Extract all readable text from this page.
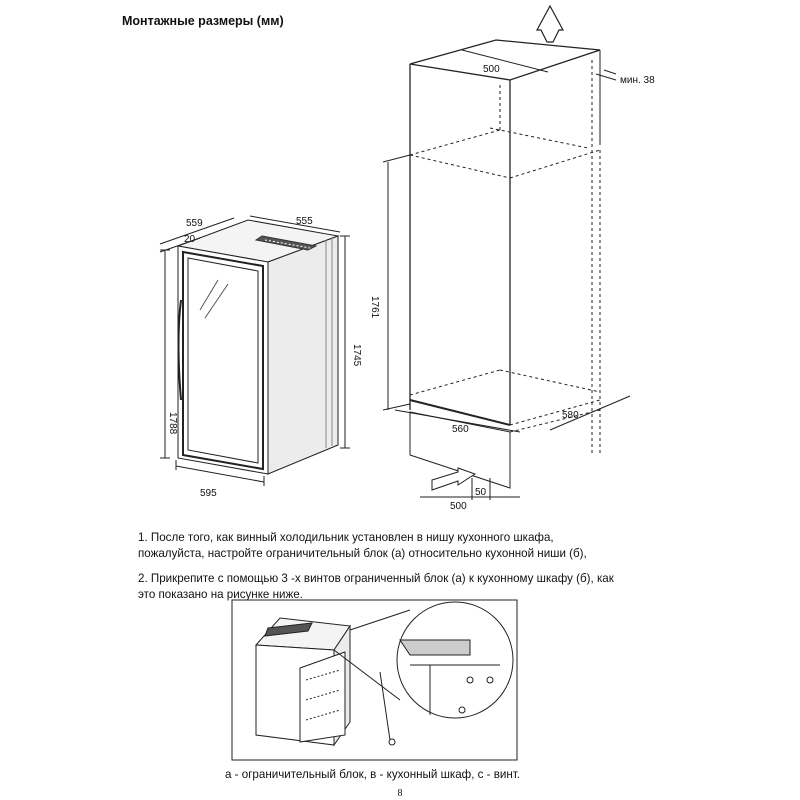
Монтажные размеры (мм)
559
20
555
1745
1788
595
500
мин. 38
1761
580
560
500
50
1. После того, как винный холодильник установлен в нишу кухонного шкафа, пожалуйста, настройте ограничительный блок (а) относительно кухонной ниши (б),
2. Прикрепите с помощью 3 -х винтов ограниченный блок (а) к кухонному шкафу (б), как это показано на рисунке ниже.
а - ограничительный блок, в - кухонный шкаф, с - винт.
8
